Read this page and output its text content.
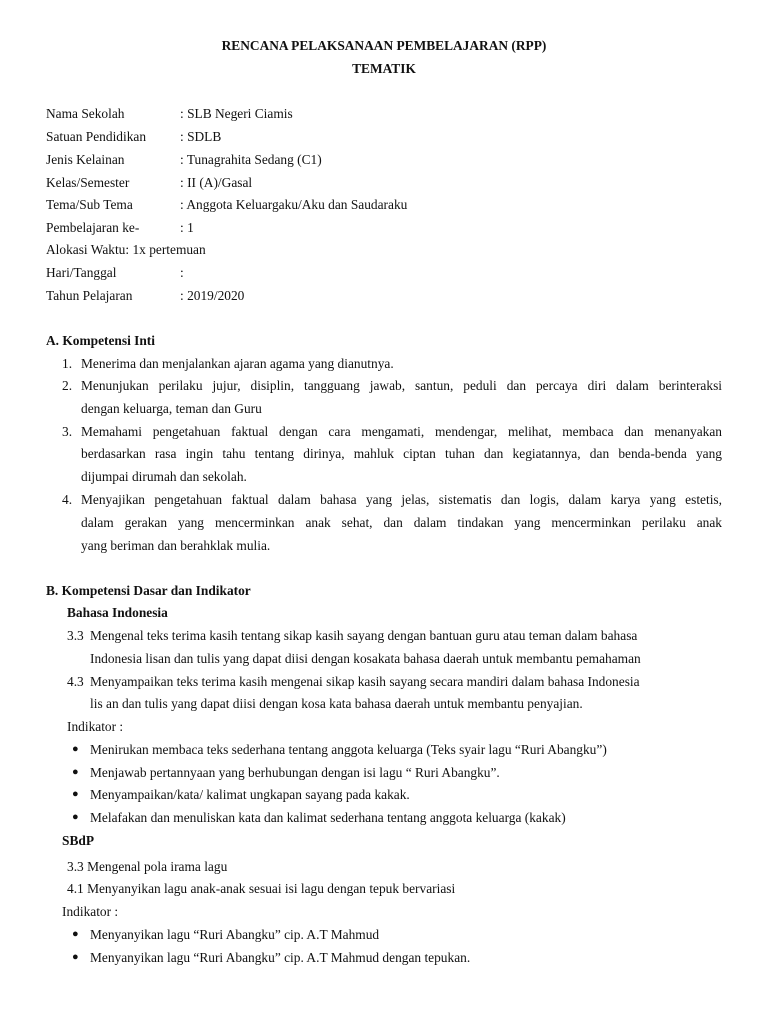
RENCANA PELAKSANAAN PEMBELAJARAN (RPP)
TEMATIK
Nama Sekolah	: SLB Negeri Ciamis
Satuan Pendidikan	: SDLB
Jenis Kelainan	: Tunagrahita Sedang (C1)
Kelas/Semester	: II (A)/Gasal
Tema/Sub Tema	: Anggota Keluargaku/Aku dan Saudaraku
Pembelajaran ke-	: 1
Alokasi Waktu: 1x pertemuan
Hari/Tanggal	:
Tahun Pelajaran	: 2019/2020
A. Kompetensi Inti
1. Menerima dan menjalankan ajaran agama yang dianutnya.
2. Menunjukan perilaku jujur, disiplin, tangguang jawab, santun, peduli dan percaya diri dalam berinteraksi
dengan keluarga, teman dan Guru
3. Memahami pengetahuan faktual dengan cara mengamati, mendengar, melihat, membaca dan menanyakan
berdasarkan rasa ingin tahu tentang dirinya, mahluk ciptan tuhan dan kegiatannya, dan benda-benda yang
dijumpai dirumah dan sekolah.
4. Menyajikan pengetahuan faktual dalam bahasa yang jelas, sistematis dan logis, dalam karya yang estetis,
dalam gerakan yang mencerminkan anak sehat, dan dalam tindakan yang mencerminkan perilaku anak
yang beriman dan berahklak mulia.
B. Kompetensi Dasar dan Indikator
Bahasa Indonesia
3.3 Mengenal teks terima kasih tentang sikap kasih sayang dengan bantuan guru atau teman dalam bahasa
Indonesia lisan dan tulis yang dapat diisi dengan kosakata bahasa daerah untuk membantu pemahaman
4.3 Menyampaikan teks terima kasih mengenai sikap kasih sayang secara mandiri dalam bahasa Indonesia
lis an dan tulis yang dapat diisi dengan kosa kata bahasa daerah untuk membantu penyajian.
Indikator :
● Menirukan membaca teks sederhana tentang anggota keluarga (Teks syair lagu “Ruri Abangku”)
● Menjawab pertannyaan yang berhubungan dengan isi lagu “ Ruri Abangku”.
● Menyampaikan/kata/ kalimat ungkapan sayang pada kakak.
● Melafakan dan menuliskan kata dan kalimat sederhana tentang anggota keluarga (kakak)
SBdP
3.3 Mengenal pola irama lagu
4.1 Menyanyikan lagu anak-anak sesuai isi lagu dengan tepuk bervariasi
Indikator :
● Menyanyikan lagu “Ruri Abangku” cip. A.T Mahmud
● Menyanyikan lagu “Ruri Abangku” cip. A.T Mahmud dengan tepukan.
